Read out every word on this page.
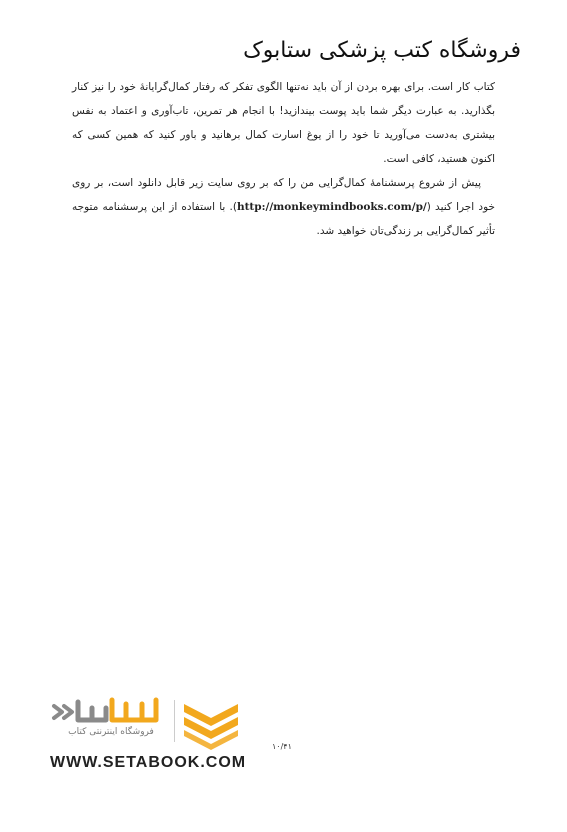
فروشگاه کتب پزشکی ستابوک

کتاب کار است. برای بهره بردن از آن باید نه‌تنها الگوی تفکر که رفتار کمال‌گرایانهٔ خود را نیز کنار بگذارید. به عبارت دیگر شما باید پوست بیندازید! با انجام هر تمرین، تاب‌آوری و اعتماد به نفس بیشتری به‌دست می‌آورید تا خود را از یوغ اسارت کمال برهانید و باور کنید که همین کسی که اکنون هستید، کافی است.

پیش از شروع پرسشنامهٔ کمال‌گرایی من را که بر روی سایت زیر قابل دانلود است، بر روی خود اجرا کنید (http://monkeymindbooks.com/p/). با استفاده از این پرسشنامه متوجه تأثیر کمال‌گرایی بر زندگی‌تان خواهید شد.

۱۰/۴۱
فروشگاه اینترنتی کتاب
WWW.SETABOOK.COM
